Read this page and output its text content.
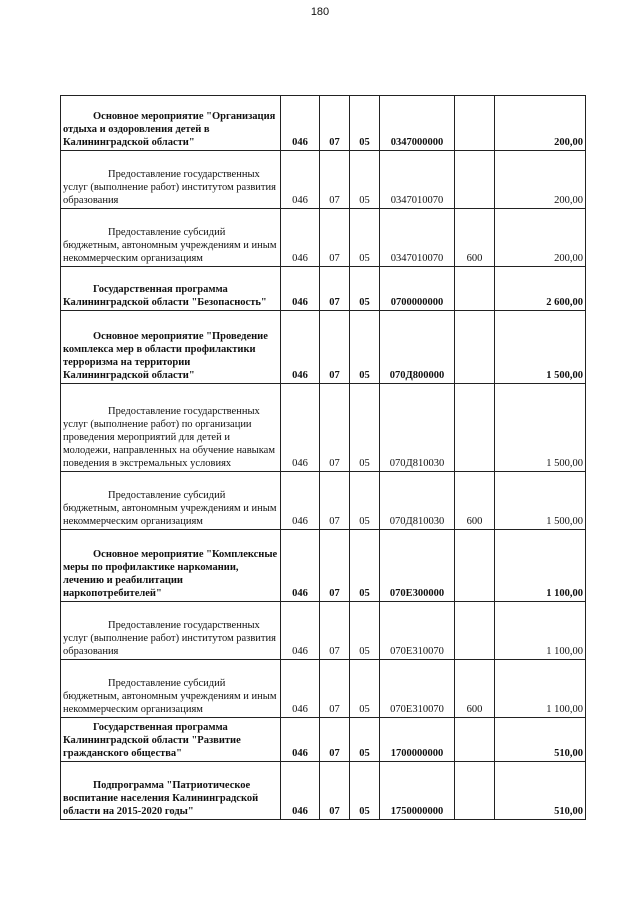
180
Основное мероприятие "Организация отдыха и оздоровления детей в Калининградской области"	046	07	05	0347000000		200,00
Предоставление государственных услуг (выполнение работ) институтом развития образования	046	07	05	0347010070		200,00
Предоставление субсидий бюджетным, автономным учреждениям и иным некоммерческим организациям	046	07	05	0347010070	600	200,00
Государственная программа Калининградской области "Безопасность"	046	07	05	0700000000		2 600,00
Основное мероприятие "Проведение комплекса мер в области профилактики терроризма на территории Калининградской области"	046	07	05	070Д800000		1 500,00
Предоставление государственных услуг (выполнение работ) по организации проведения мероприятий для детей и молодежи, направленных на обучение навыкам поведения в экстремальных условиях	046	07	05	070Д810030		1 500,00
Предоставление субсидий бюджетным, автономным учреждениям и иным некоммерческим организациям	046	07	05	070Д810030	600	1 500,00
Основное мероприятие "Комплексные меры по профилактике наркомании, лечению и реабилитации наркопотребителей"	046	07	05	070Е300000		1 100,00
Предоставление государственных услуг (выполнение работ) институтом развития образования	046	07	05	070Е310070		1 100,00
Предоставление субсидий бюджетным, автономным учреждениям и иным некоммерческим организациям	046	07	05	070Е310070	600	1 100,00
Государственная программа Калининградской области "Развитие гражданского общества"	046	07	05	1700000000		510,00
Подпрограмма "Патриотическое воспитание населения Калининградской области на 2015-2020 годы"	046	07	05	1750000000		510,00
